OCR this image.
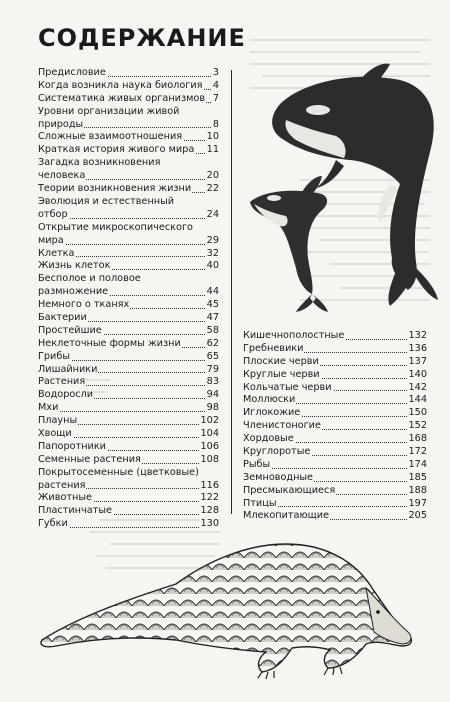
СОДЕРЖАНИЕ
Предисловие	3
Когда возникла наука биология 4
Систематика живых организмов 7
Уровни организации живой
природы	8
Сложные взаимоотношения	10
Краткая история живого мира 11
Загадка возникновения
человека	20
Теории возникновения жизни 22
Эволюция и естественный
отбор	24
Открытие микроскопического
мира	29
Клетка	32
Жизнь клеток	40
Бесполое и половое
размножение	44
Немного о тканях	45
Бактерии	47
Простейшие	58
Неклеточные формы жизни	62
Грибы	65
Лишайники	79
Растения	83
Водоросли	94
Мхи	98
Плауны	102
Хвощи	104
Папоротники	106
Семенные растения	108
Покрытосеменные (цветковые)
растения	116
Животные	122
Пластинчатые	128
Губки	130
Кишечнополостные	132
Гребневики	136
Плоские черви	137
Круглые черви	140
Кольчатые черви	142
Моллюски	144
Иглокожие	150
Членистоногие	152
Хордовые	168
Круглоротые	172
Рыбы	174
Земноводные	185
Пресмыкающиеся	188
Птицы	197
Млекопитающие	205
